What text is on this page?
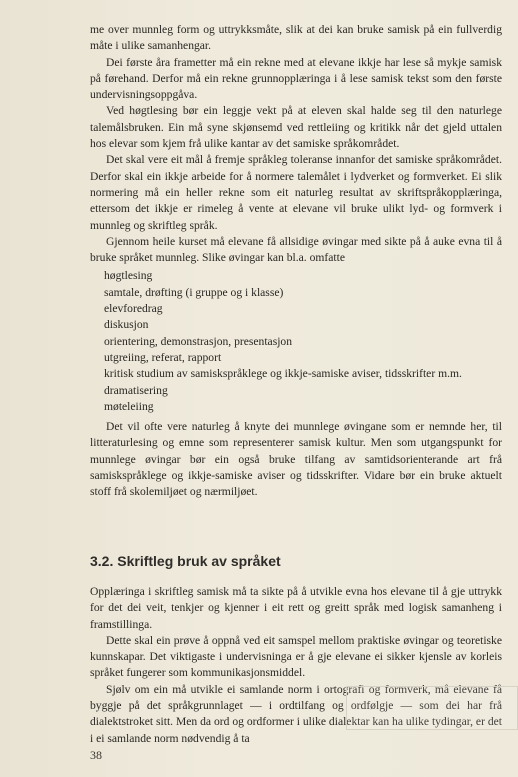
me over munnleg form og uttrykksmåte, slik at dei kan bruke samisk på ein fullverdig måte i ulike samanhengar.

Dei første åra frametter må ein rekne med at elevane ikkje har lese så mykje samisk på førehand. Derfor må ein rekne grunnopplæringa i å lese samisk tekst som den første undervisningsoppgåva.

Ved høgtlesing bør ein leggje vekt på at eleven skal halde seg til den naturlege talemålsbruken. Ein må syne skjønsemd ved rettleiing og kritikk når det gjeld uttalen hos elevar som kjem frå ulike kantar av det samiske språkområdet.

Det skal vere eit mål å fremje språkleg toleranse innanfor det samiske språkområdet. Derfor skal ein ikkje arbeide for å normere talemålet i lydverket og formverket. Ei slik normering må ein heller rekne som eit naturleg resultat av skriftspråkopplæringa, ettersom det ikkje er rimeleg å vente at elevane vil bruke ulikt lyd- og formverk i munnleg og skriftleg språk.

Gjennom heile kurset må elevane få allsidige øvingar med sikte på å auke evna til å bruke språket munnleg. Slike øvingar kan bl.a. omfatte

høgtlesing
samtale, drøfting (i gruppe og i klasse)
elevforedrag
diskusjon
orientering, demonstrasjon, presentasjon
utgreiing, referat, rapport
kritisk studium av samiskspråklege og ikkje-samiske aviser, tidsskrifter m.m.
dramatisering
møteleiing

Det vil ofte vere naturleg å knyte dei munnlege øvingane som er nemnde her, til litteraturlesing og emne som representerer samisk kultur. Men som utgangspunkt for munnlege øvingar bør ein også bruke tilfang av samtidsorienterande art frå samiskspråklege og ikkje-samiske aviser og tidsskrifter. Vidare bør ein bruke aktuelt stoff frå skolemiljøet og nærmiljøet.

3.2. Skriftleg bruk av språket

Opplæringa i skriftleg samisk må ta sikte på å utvikle evna hos elevane til å gje uttrykk for det dei veit, tenkjer og kjenner i eit rett og greitt språk med logisk samanheng i framstillinga.

Dette skal ein prøve å oppnå ved eit samspel mellom praktiske øvingar og teoretiske kunnskapar. Det viktigaste i undervisninga er å gje elevane ei sikker kjensle av korleis språket fungerer som kommunikasjonsmiddel.

Sjølv om ein må utvikle ei samlande norm i ortografi og formverk, må elevane få byggje på det språkgrunnlaget — i ordtilfang og ordfølgje — som dei har frå dialektstroket sitt. Men da ord og ordformer i ulike dialektar kan ha ulike tydingar, er det i ei samlande norm nødvendig å ta

38
